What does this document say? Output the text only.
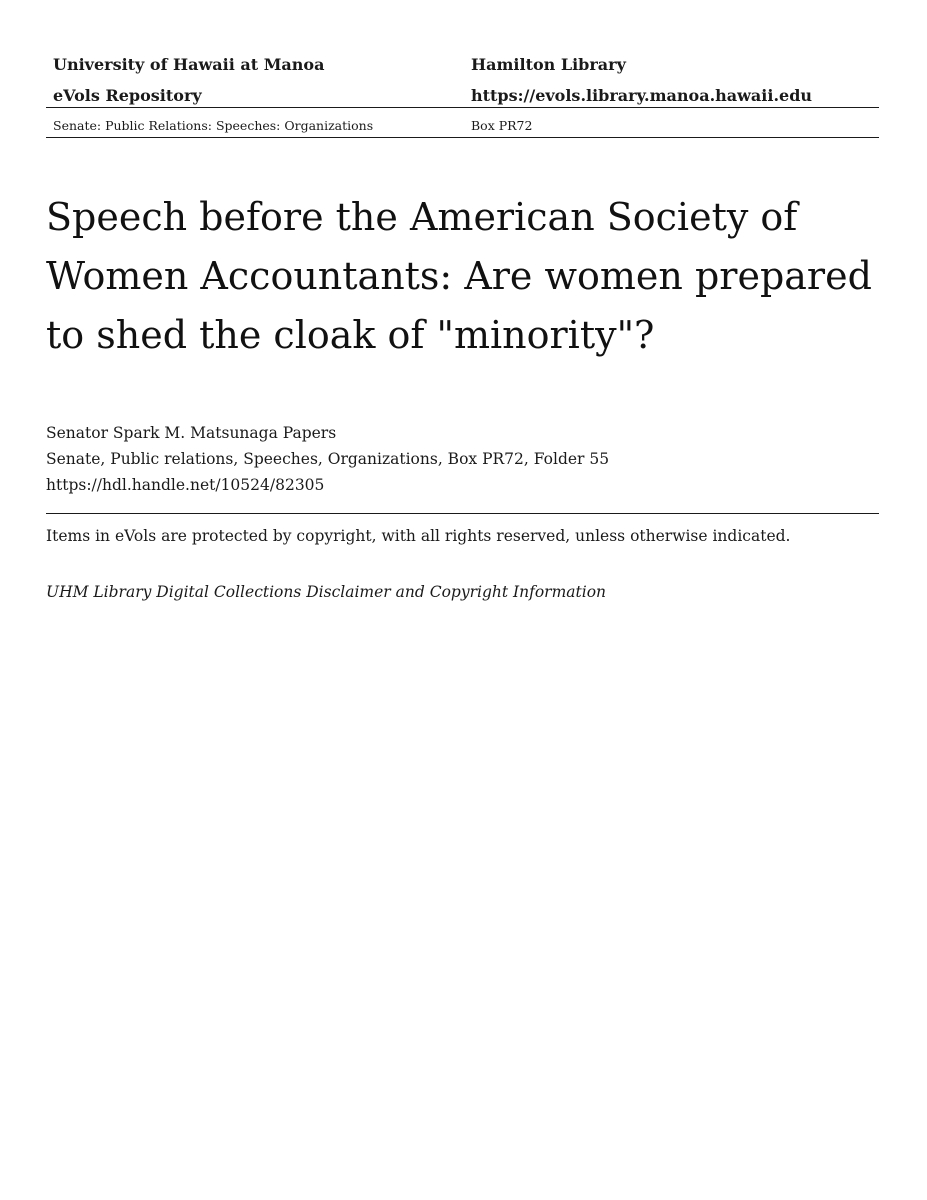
University of Hawaii at Manoa	Hamilton Library
eVols Repository	https://evols.library.manoa.hawaii.edu
Senate: Public Relations: Speeches: Organizations	Box PR72
Speech before the American Society of Women Accountants: Are women prepared to shed the cloak of "minority"?
Senator Spark M. Matsunaga Papers
Senate, Public relations, Speeches, Organizations, Box PR72, Folder 55
https://hdl.handle.net/10524/82305
Items in eVols are protected by copyright, with all rights reserved, unless otherwise indicated.
UHM Library Digital Collections Disclaimer and Copyright Information
